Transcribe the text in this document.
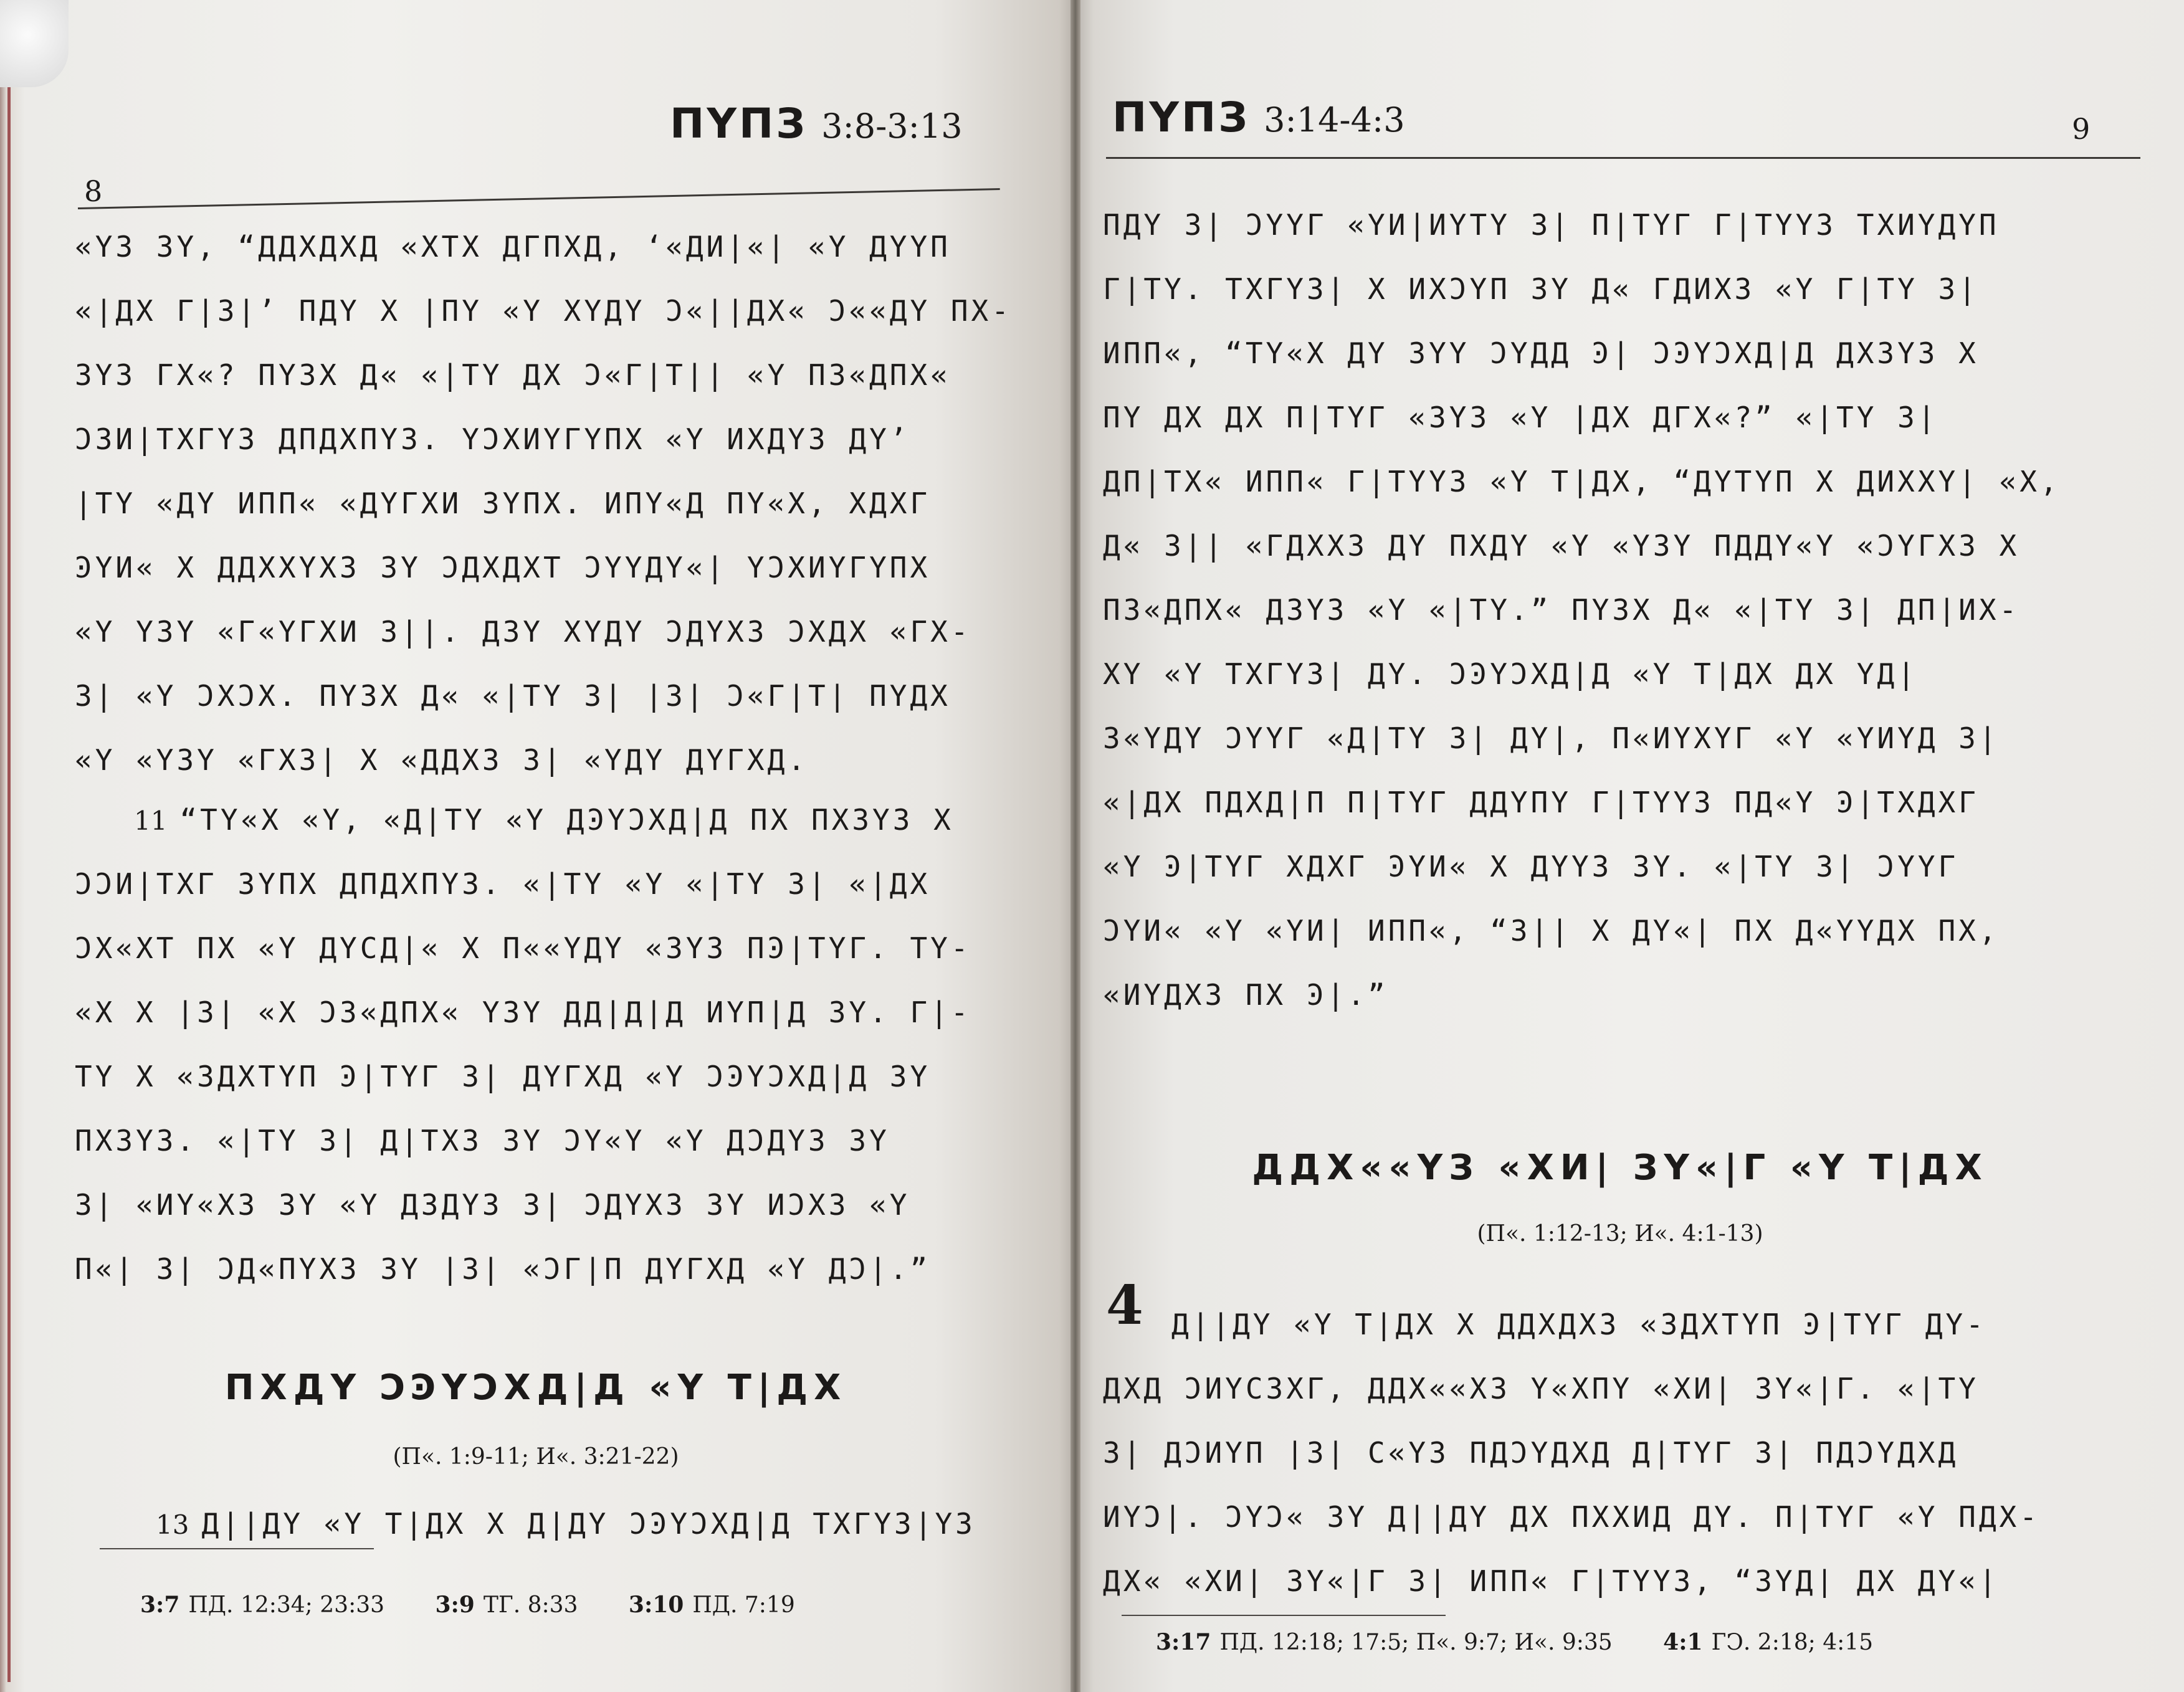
ПҮПЗ 3:8-3:13
8
«ҮЗ ЗҮ, “ДДХДХД «ХТХ ДГПХД, ‘«ДИ|«| «Ү ДҮҮП
«|ДХ Г|З|’ ПДҮ Х |ПҮ «Ү ХҮДҮ Ͻ«||ДХ« Ͻ««ДҮ ПХ-
ЗҮЗ ГХ«? ПҮЗХ Д« «|ТҮ ДХ Ͻ«Г|Т|| «Ү ПЗ«ДПХ«
ϽЗИ|ТХГҮЗ ДПДХПҮЗ. ҮϽХИҮГҮПХ «Ү ИХДҮЗ ДҮ’
|ТҮ «ДҮ ИПП« «ДҮГХИ ЗҮПХ. ИПҮ«Д ПҮ«Х, ХДХГ
ϿҮИ« Х ДДХХҮХЗ ЗҮ ϽДХДХТ ϽҮҮДҮ«| ҮϽХИҮГҮПХ
«Ү ҮЗҮ «Г«ҮГХИ З||. ДЗҮ ХҮДҮ ϽДҮХЗ ϽХДХ «ГХ-
З| «Ү ϽХϽХ. ПҮЗХ Д« «|ТҮ З| |З| Ͻ«Г|Т| ПҮДХ
«Ү «ҮЗҮ «ГХЗ| Х «ДДХЗ З| «ҮДҮ ДҮГХД.
11 “ТҮ«Х «Ү, «Д|ТҮ «Ү ДϿҮϽХД|Д ПХ ПХЗҮЗ Х
ϽϽИ|ТХГ ЗҮПХ ДПДХПҮЗ. «|ТҮ «Ү «|ТҮ З| «|ДХ
ϽХ«ХТ ПХ «Ү ДҮСД|« Х П««ҮДҮ «ЗҮЗ ПϿ|ТҮГ. ТҮ-
«Х Х |З| «Х ϽЗ«ДПХ« ҮЗҮ ДД|Д|Д ИҮП|Д ЗҮ. Г|-
ТҮ Х «ЗДХТҮП Ͽ|ТҮГ З| ДҮГХД «Ү ϽϿҮϽХД|Д ЗҮ
ПХЗҮЗ. «|ТҮ З| Д|ТХЗ ЗҮ ϽҮ«Ү «Ү ДϽДҮЗ ЗҮ
З| «ИҮ«ХЗ ЗҮ «Ү ДЗДҮЗ З| ϽДҮХЗ ЗҮ ИϽХЗ «Ү
П«| З| ϽД«ПҮХЗ ЗҮ |З| «ϽГ|П ДҮГХД «Ү ДϽ|.”
ПХДҮ ϽϿҮϽХД|Д «Ү Т|ДХ
(П«. 1:9-11; И«. 3:21-22)
13 Д||ДҮ «Ү Т|ДХ Х Д|ДҮ ϽϿҮϽХД|Д ТХГҮЗ|ҮЗ
3:7 ПД. 12:34; 23:33 3:9 ТГ. 8:33 3:10 ПД. 7:19
ПҮПЗ 3:14-4:3	9
ПДҮ З| ϽҮҮГ «ҮИ|ИҮТҮ З| П|ТҮГ Г|ТҮҮЗ ТХИҮДҮП
Г|ТҮ. ТХГҮЗ| Х ИХϽҮП ЗҮ Д« ГДИХЗ «Ү Г|ТҮ З|
ИПП«, “ТҮ«Х ДҮ ЗҮҮ ϽҮДД Ͽ| ϽϿҮϽХД|Д ДХЗҮЗ Х
ПҮ ДХ ДХ П|ТҮГ «ЗҮЗ «Ү |ДХ ДГХ«?” «|ТҮ З|
ДП|ТХ« ИПП« Г|ТҮҮЗ «Ү Т|ДХ, “ДҮТҮП Х ДИХХҮ| «Х,
Д« З|| «ГДХХЗ ДҮ ПХДҮ «Ү «ҮЗҮ ПДДҮ«Ү «ϽҮГХЗ Х
ПЗ«ДПХ« ДЗҮЗ «Ү «|ТҮ.” ПҮЗХ Д« «|ТҮ З| ДП|ИХ-
ХҮ «Ү ТХГҮЗ| ДҮ. ϽϿҮϽХД|Д «Ү Т|ДХ ДХ ҮД|
З«ҮДҮ ϽҮҮГ «Д|ТҮ З| ДҮ|, П«ИҮХҮГ «Ү «ҮИҮД З|
«|ДХ ПДХД|П П|ТҮГ ДДҮПҮ Г|ТҮҮЗ ПД«Ү Ͽ|ТХДХГ
«Ү Ͽ|ТҮГ ХДХГ ϿҮИ« Х ДҮҮЗ ЗҮ. «|ТҮ З| ϽҮҮГ
ϽҮИ« «Ү «ҮИ| ИПП«, “З|| Х ДҮ«| ПХ Д«ҮҮДХ ПХ,
«ИҮДХЗ ПХ Ͽ|.”
ДДХ««ҮЗ «ХИ| ЗҮ«|Г «Ү Т|ДХ
(П«. 1:12-13; И«. 4:1-13)
4 Д||ДҮ «Ү Т|ДХ Х ДДХДХЗ «ЗДХТҮП Ͽ|ТҮГ ДҮ-
ДХД ϽИҮСЗХГ, ДДХ««ХЗ Ү«ХПҮ «ХИ| ЗҮ«|Г. «|ТҮ
З| ДϽИҮП |З| С«ҮЗ ПДϽҮДХД Д|ТҮГ З| ПДϽҮДХД
ИҮϽ|. ϽҮϽ« ЗҮ Д||ДҮ ДХ ПХХИД ДҮ. П|ТҮГ «Ү ПДХ-
ДХ« «ХИ| ЗҮ«|Г З| ИПП« Г|ТҮҮЗ, “ЗҮД| ДХ ДҮ«|
3:17 ПД. 12:18; 17:5; П«. 9:7; И«. 9:35 4:1 ГϽ. 2:18; 4:15
